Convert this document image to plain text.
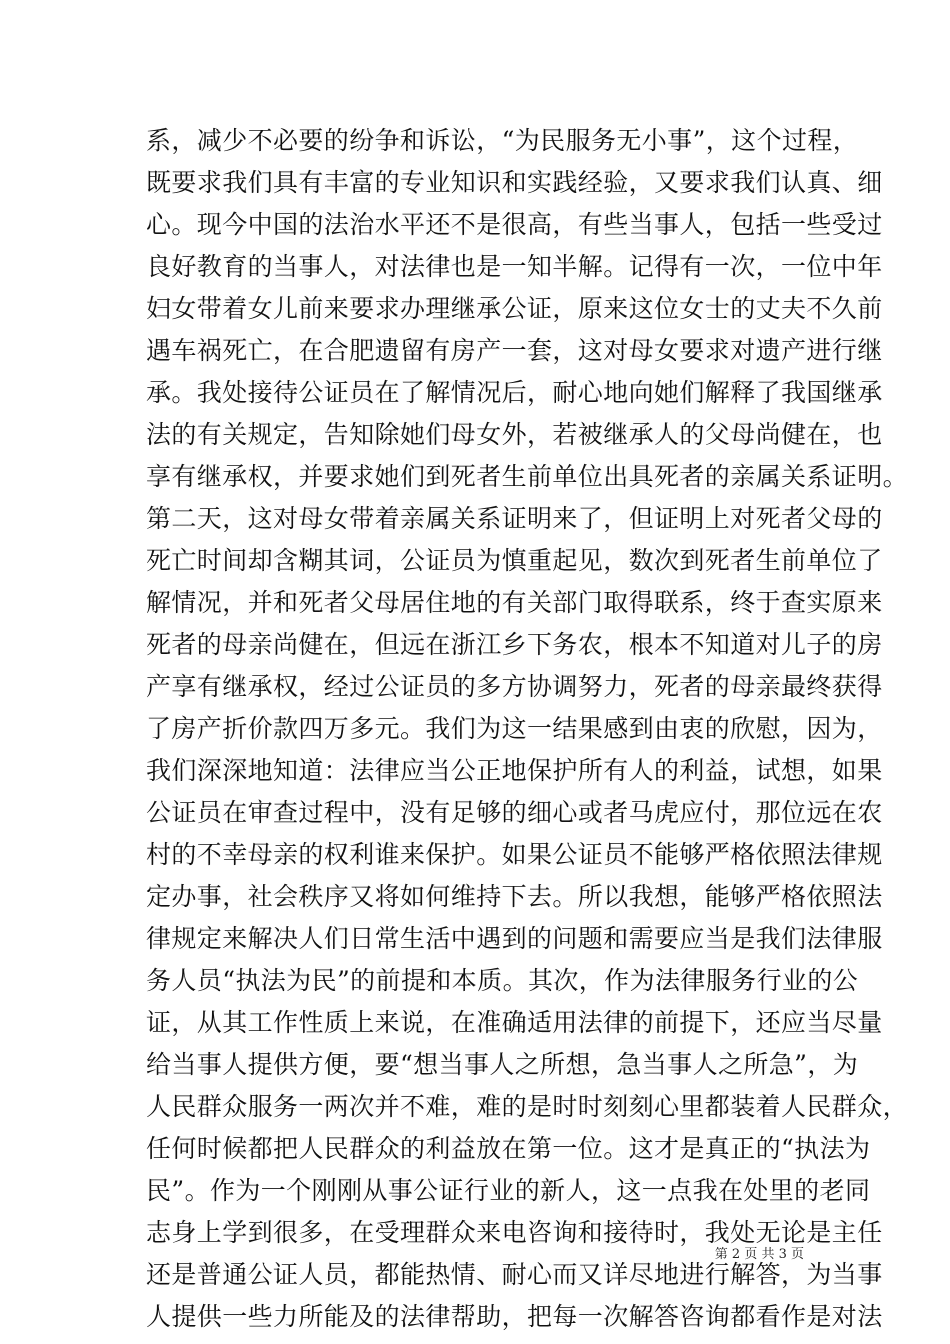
系，减少不必要的纷争和诉讼，“为民服务无小事”，这个过程，
既要求我们具有丰富的专业知识和实践经验，又要求我们认真、细
心。现今中国的法治水平还不是很高，有些当事人，包括一些受过
良好教育的当事人，对法律也是一知半解。记得有一次，一位中年
妇女带着女儿前来要求办理继承公证，原来这位女士的丈夫不久前
遇车祸死亡，在合肥遗留有房产一套，这对母女要求对遗产进行继
承。我处接待公证员在了解情况后，耐心地向她们解释了我国继承
法的有关规定，告知除她们母女外，若被继承人的父母尚健在，也
享有继承权，并要求她们到死者生前单位出具死者的亲属关系证明。
第二天，这对母女带着亲属关系证明来了，但证明上对死者父母的
死亡时间却含糊其词，公证员为慎重起见，数次到死者生前单位了
解情况，并和死者父母居住地的有关部门取得联系，终于查实原来
死者的母亲尚健在，但远在浙江乡下务农，根本不知道对儿子的房
产享有继承权，经过公证员的多方协调努力，死者的母亲最终获得
了房产折价款四万多元。我们为这一结果感到由衷的欣慰，因为，
我们深深地知道：法律应当公正地保护所有人的利益，试想，如果
公证员在审查过程中，没有足够的细心或者马虎应付，那位远在农
村的不幸母亲的权利谁来保护。如果公证员不能够严格依照法律规
定办事，社会秩序又将如何维持下去。所以我想，能够严格依照法
律规定来解决人们日常生活中遇到的问题和需要应当是我们法律服
务人员“执法为民”的前提和本质。其次，作为法律服务行业的公
证，从其工作性质上来说，在准确适用法律的前提下，还应当尽量
给当事人提供方便，要“想当事人之所想，急当事人之所急”，为
人民群众服务一两次并不难，难的是时时刻刻心里都装着人民群众，
任何时候都把人民群众的利益放在第一位。这才是真正的“执法为
民”。作为一个刚刚从事公证行业的新人，这一点我在处里的老同
志身上学到很多，在受理群众来电咨询和接待时，我处无论是主任
还是普通公证人员，都能热情、耐心而又详尽地进行解答，为当事
人提供一些力所能及的法律帮助，把每一次解答咨询都看作是对法
第 2 页 共 3 页
